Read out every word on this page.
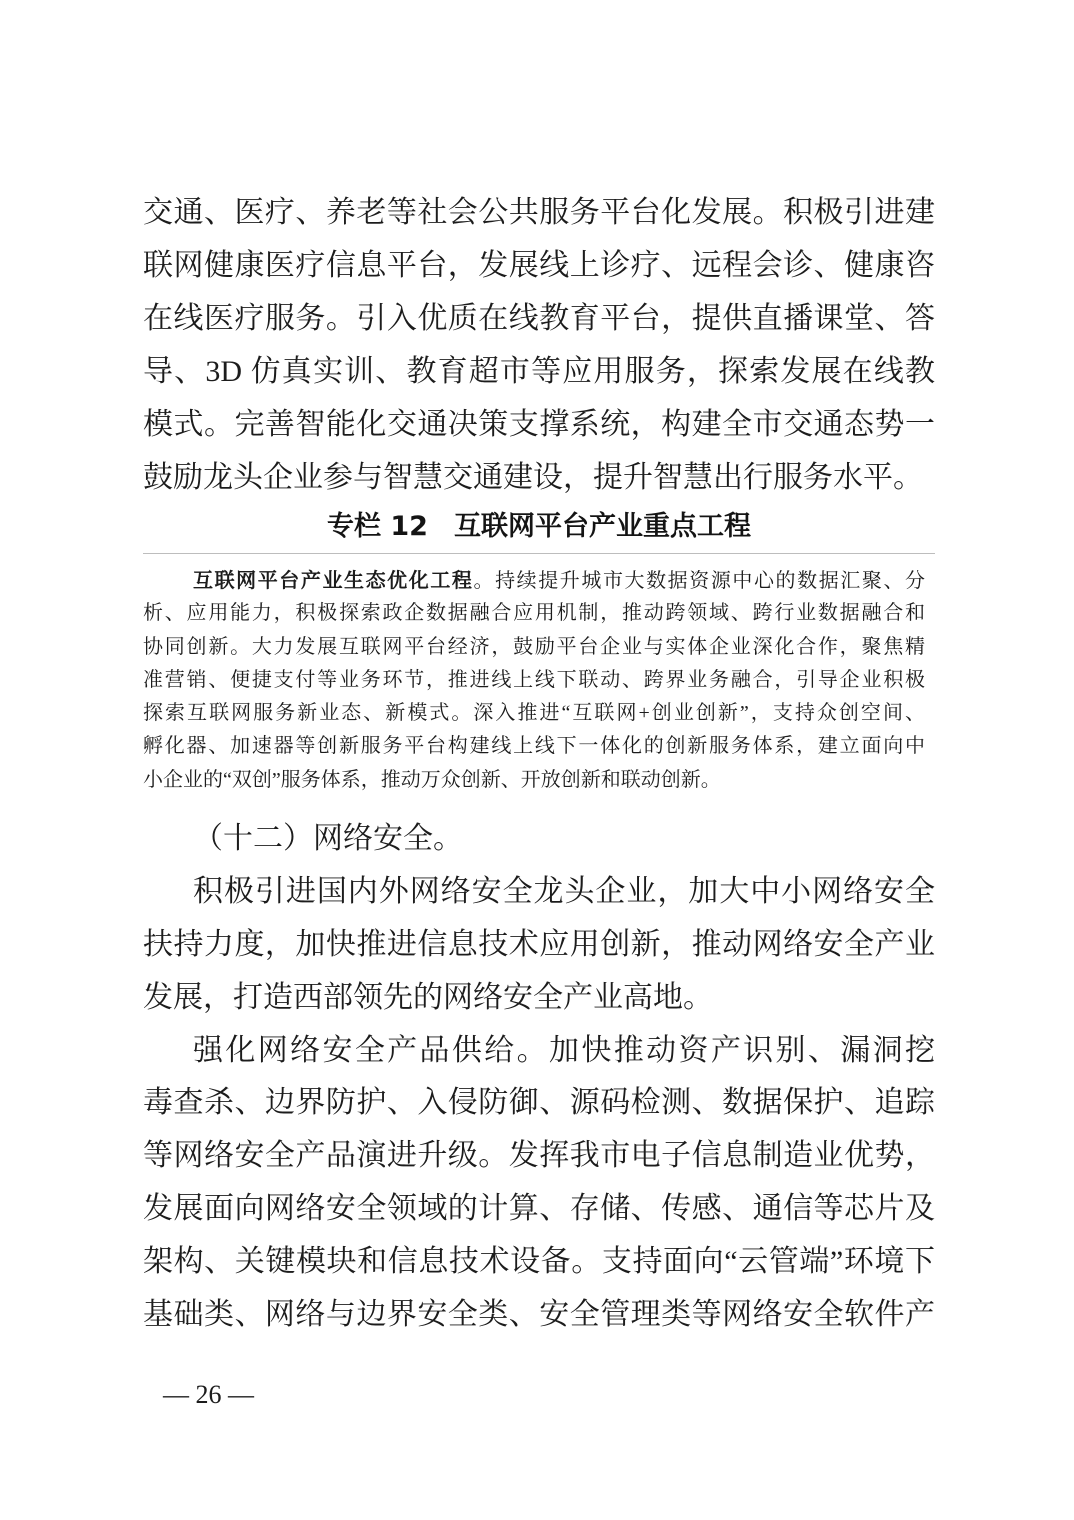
交通、医疗、养老等社会公共服务平台化发展。积极引进建
联网健康医疗信息平台，发展线上诊疗、远程会诊、健康咨
在线医疗服务。引入优质在线教育平台，提供直播课堂、答
导、3D 仿真实训、教育超市等应用服务，探索发展在线教
模式。完善智能化交通决策支撑系统，构建全市交通态势一
鼓励龙头企业参与智慧交通建设，提升智慧出行服务水平。
专栏 12 互联网平台产业重点工程
互联网平台产业生态优化工程。持续提升城市大数据资源中心的数据汇聚、分
析、应用能力，积极探索政企数据融合应用机制，推动跨领域、跨行业数据融合和
协同创新。大力发展互联网平台经济，鼓励平台企业与实体企业深化合作，聚焦精
准营销、便捷支付等业务环节，推进线上线下联动、跨界业务融合，引导企业积极
探索互联网服务新业态、新模式。深入推进“互联网+创业创新”，支持众创空间、
孵化器、加速器等创新服务平台构建线上线下一体化的创新服务体系，建立面向中
小企业的“双创”服务体系，推动万众创新、开放创新和联动创新。
（十二）网络安全。
积极引进国内外网络安全龙头企业，加大中小网络安全
扶持力度，加快推进信息技术应用创新，推动网络安全产业
发展，打造西部领先的网络安全产业高地。
强化网络安全产品供给。加快推动资产识别、漏洞挖
毒查杀、边界防护、入侵防御、源码检测、数据保护、追踪
等网络安全产品演进升级。发挥我市电子信息制造业优势，
发展面向网络安全领域的计算、存储、传感、通信等芯片及
架构、关键模块和信息技术设备。支持面向“云管端”环境下
基础类、网络与边界安全类、安全管理类等网络安全软件产
— 26 —
